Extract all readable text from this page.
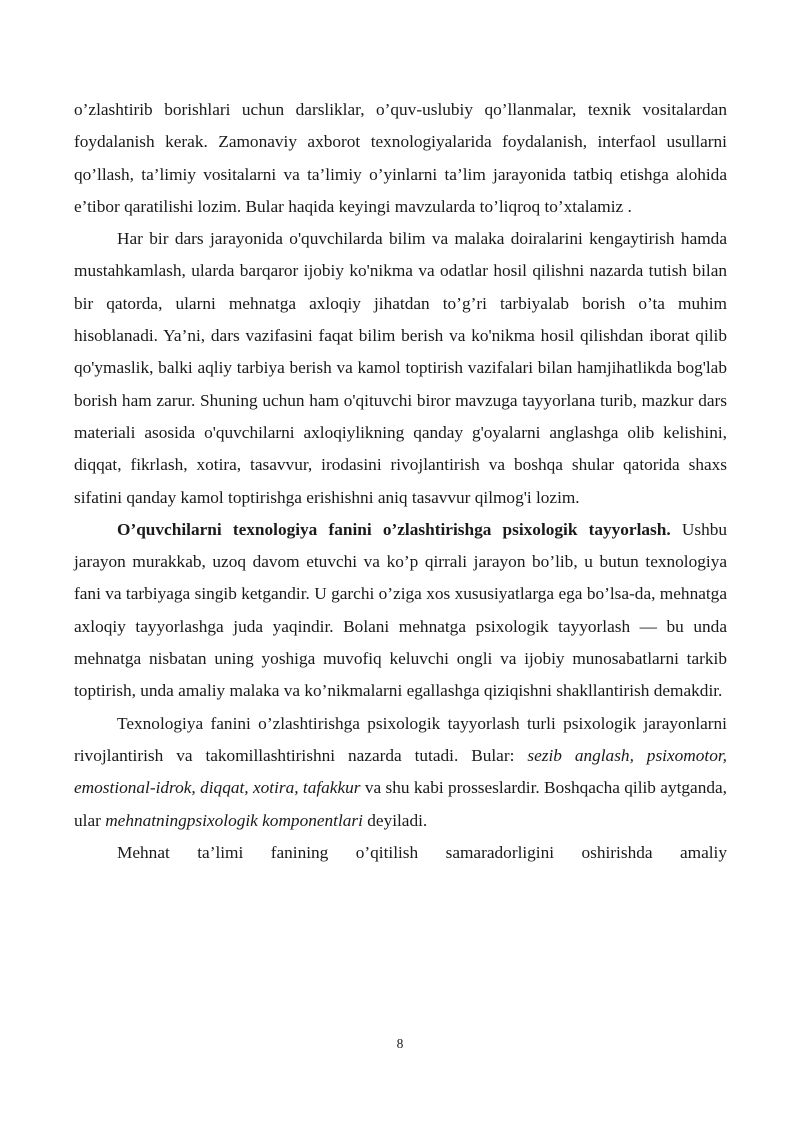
o’zlashtirib borishlari uchun darsliklar, o’quv-uslubiy qo’llanmalar, texnik vositalardan foydalanish kerak. Zamonaviy axborot texnologiyalarida foydalanish, interfaol usullarni qo’llash, ta’limiy vositalarni va ta’limiy o’yinlarni ta’lim jarayonida tatbiq etishga alohida e’tibor qaratilishi lozim. Bular haqida keyingi mavzularda to’liqroq to’xtalamiz .

Har bir dars jarayonida o'quvchilarda bilim va malaka doiralarini kengaytirish hamda mustahkamlash, ularda barqaror ijobiy ko'nikma va odatlar hosil qilishni nazarda tutish bilan bir qatorda, ularni mehnatga axloqiy jihatdan to’g’ri tarbiyalab borish o’ta muhim hisoblanadi. Ya’ni, dars vazifasini faqat bilim berish va ko'nikma hosil qilishdan iborat qilib qo'ymaslik, balki aqliy tarbiya berish va kamol toptirish vazifalari bilan hamjihatlikda bog'lab borish ham zarur. Shuning uchun ham o'qituvchi biror mavzuga tayyorlana turib, mazkur dars materiali asosida o'quvchilarni axloqiylikning qanday g'oyalarni anglashga olib kelishini, diqqat, fikrlash, xotira, tasavvur, irodasini rivojlantirish va boshqa shular qatorida shaxs sifatini qanday kamol toptirishga erishishni aniq tasavvur qilmog'i lozim.

O’quvchilarni texnologiya fanini o’zlashtirishga psixologik tayyorlash. Ushbu jarayon murakkab, uzoq davom etuvchi va ko’p qirrali jarayon bo’lib, u butun texnologiya fani va tarbiyaga singib ketgandir. U garchi o’ziga xos xususiyatlarga ega bo’lsa-da, mehnatga axloqiy tayyorlashga juda yaqindir. Bolani mehnatga psixologik tayyorlash — bu unda mehnatga nisbatan uning yoshiga muvofiq keluvchi ongli va ijobiy munosabatlarni tarkib toptirish, unda amaliy malaka va ko’nikmalarni egallashga qiziqishni shakllantirish demakdir.

Texnologiya fanini o’zlashtirishga psixologik tayyorlash turli psixologik jarayonlarni rivojlantirish va takomillashtirishni nazarda tutadi. Bular: sezib anglash, psixomotor, emostional-idrok, diqqat, xotira, tafakkur va shu kabi prosseslardir. Boshqacha qilib aytganda, ular mehnatningpsixologik komponentlari deyiladi.

Mehnat ta’limi fanining o’qitilish samaradorligini oshirishda amaliy

8
